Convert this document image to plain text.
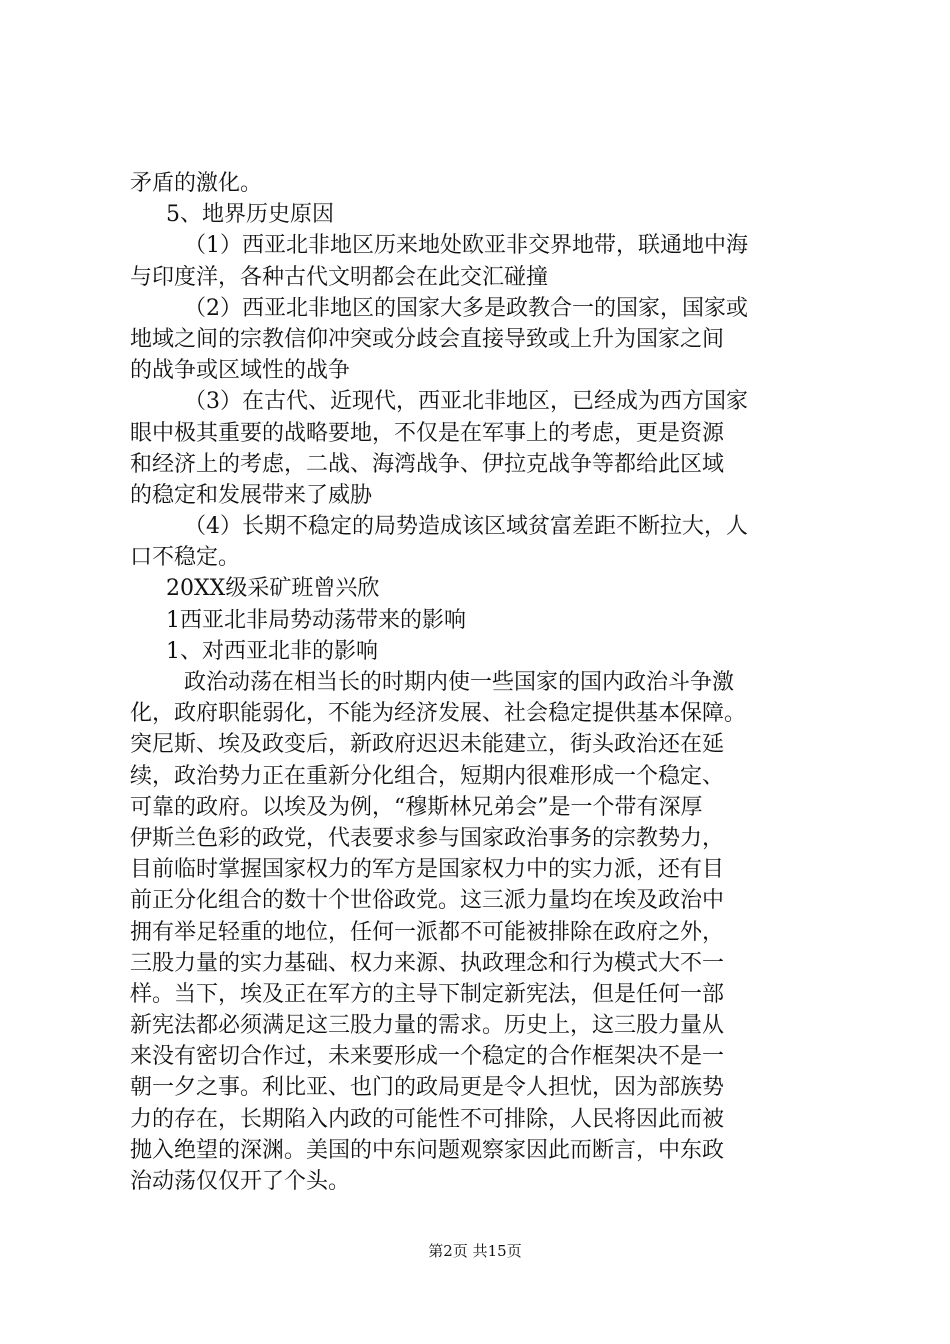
矛盾的激化。
5、地界历史原因
（1）西亚北非地区历来地处欧亚非交界地带，联通地中海
与印度洋，各种古代文明都会在此交汇碰撞
（2）西亚北非地区的国家大多是政教合一的国家，国家或
地域之间的宗教信仰冲突或分歧会直接导致或上升为国家之间
的战争或区域性的战争
（3）在古代、近现代，西亚北非地区，已经成为西方国家
眼中极其重要的战略要地，不仅是在军事上的考虑，更是资源
和经济上的考虑，二战、海湾战争、伊拉克战争等都给此区域
的稳定和发展带来了威胁
（4）长期不稳定的局势造成该区域贫富差距不断拉大，人
口不稳定。
20XX级采矿班曾兴欣
1西亚北非局势动荡带来的影响
1、对西亚北非的影响
政治动荡在相当长的时期内使一些国家的国内政治斗争激
化，政府职能弱化，不能为经济发展、社会稳定提供基本保障。
突尼斯、埃及政变后，新政府迟迟未能建立，街头政治还在延
续，政治势力正在重新分化组合，短期内很难形成一个稳定、
可靠的政府。以埃及为例，“穆斯林兄弟会”是一个带有深厚
伊斯兰色彩的政党，代表要求参与国家政治事务的宗教势力，
目前临时掌握国家权力的军方是国家权力中的实力派，还有目
前正分化组合的数十个世俗政党。这三派力量均在埃及政治中
拥有举足轻重的地位，任何一派都不可能被排除在政府之外，
三股力量的实力基础、权力来源、执政理念和行为模式大不一
样。当下，埃及正在军方的主导下制定新宪法，但是任何一部
新宪法都必须满足这三股力量的需求。历史上，这三股力量从
来没有密切合作过，未来要形成一个稳定的合作框架决不是一
朝一夕之事。利比亚、也门的政局更是令人担忧，因为部族势
力的存在，长期陷入内政的可能性不可排除，人民将因此而被
抛入绝望的深渊。美国的中东问题观察家因此而断言，中东政
治动荡仅仅开了个头。
第2页 共15页
